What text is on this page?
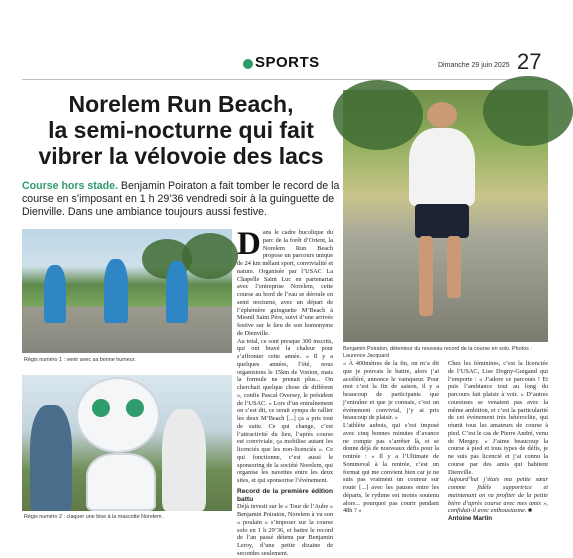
SPORTS	Dimanche 29 juin 2025 27
Norelem Run Beach,
la semi-nocturne qui fait
vibrer la vélovoie des lacs

Course hors stade. Benjamin Poiraton a fait tomber le record de la course en s’imposant en 1 h 29’36 vendredi soir à la guinguette de Dienville. Dans une ambiance toujours aussi festive.

Régis numéro 1 : venir avec sa bonne humeur.
Benjamin Poiraton, détenteur du nouveau record de la course en solo. Photos : Laurence Jacquard
Régis numéro 2 : claquer une bise à la mascotte Norelem.

Dans le cadre bucolique du parc de la forêt d’Orient, la Norelem Run Beach propose un parcours unique de 24 km mêlant sport, convivialité et nature. Organisée par l’USAC La Chapelle Saint Luc en partenariat avec l’entreprise Norelem, cette course au bord de l’eau se déroule en semi nocturne, avec un départ de l’éphémère guinguette M’Beach à Mesnil Saint Père, suivi d’une arrivée festive sur le lieu de son homonyme de Dienville.

Au total, ce sont presque 300 inscrits, qui ont bravé la chaleur pour s’affronter cette année. « Il y a quelques années, l’été, nous organisions le 15km de Vonion, mais la formule ne prenait plus... On cherchait quelque chose de différent », confie Pascal Oversey, le président de l’USAC. « Lors d’un entraînement on s’est dit, ce serait sympa de rallier les deux M’Beach [...] ça a pris tout de suite. Ce qui change, c’est l’attractivité du lieu, l’après course est conviviale, ça mobilise autant les licenciés que les non-licenciés ». Ce qui fonctionne, c’est aussi le sponsoring de la société Norelem, qui organise les navettes entre les deux sites, et qui sponsorise l’événement.

Record de la première édition battu

Déjà investi sur le « Tour de l’Aube » Benjamin Poiraton, Norelem à vu son « poulain » s’imposer sur la course solo en 1 h 29’36, et battre le record de l’an passé détenu par Benjamin Leroy, d’une petite dizaine de secondes seulement.

« À 400mètres de la fin, on m’a dit que je pouvais le battre, alors j’ai accéléré, annonce le vainqueur. Pour moi c’est la fin de saison, il y a beaucoup de participants que j’entraîne et que je connais, c’est un événement convivial, j’y ai pris beaucoup de plaisir. »

L’athlète aubois, qui s’est imposé avec cinq bonnes minutes d’avance ne compte pas s’arrêter là, et se donne déjà de nouveaux défis pour la rentrée : « Il y a l’Ultimate de Sommeval à la rentrée, c’est un format qui me convient bien car je ne suis pas vraiment un coureur sur route [...] avec les pauses entre les départs, le rythme est moins soutenu alors... pourquoi pas courir pendant 48h ? »

Chez les féminines, c’est la licenciée de l’USAC, Lise Dogny-Guigand qui l’emporte : « J’adore ce parcours ! Et puis l’ambiance tout au long du parcours fait plaisir à voir. » D’autres coureuses se venaient pas avec la même ambition, et c’est la particularité de cet événement très hétéroclite, qui réunit tous les amateurs de course à pied. C’est le cas de Pierre André, venu de Mergey. « J’aime beaucoup la course à pied et tous types de défis, je ne suis pas licencié et j’ai connu la course par des amis qui habitent Dienville.

Aujourd’hui j’étais ma petite sœur comme fidèle supportrice et maintenant on va profiter de la petite bière d’après course avec mes amis », confidait-il avec enthousiasme. ■

Antoine Martin
